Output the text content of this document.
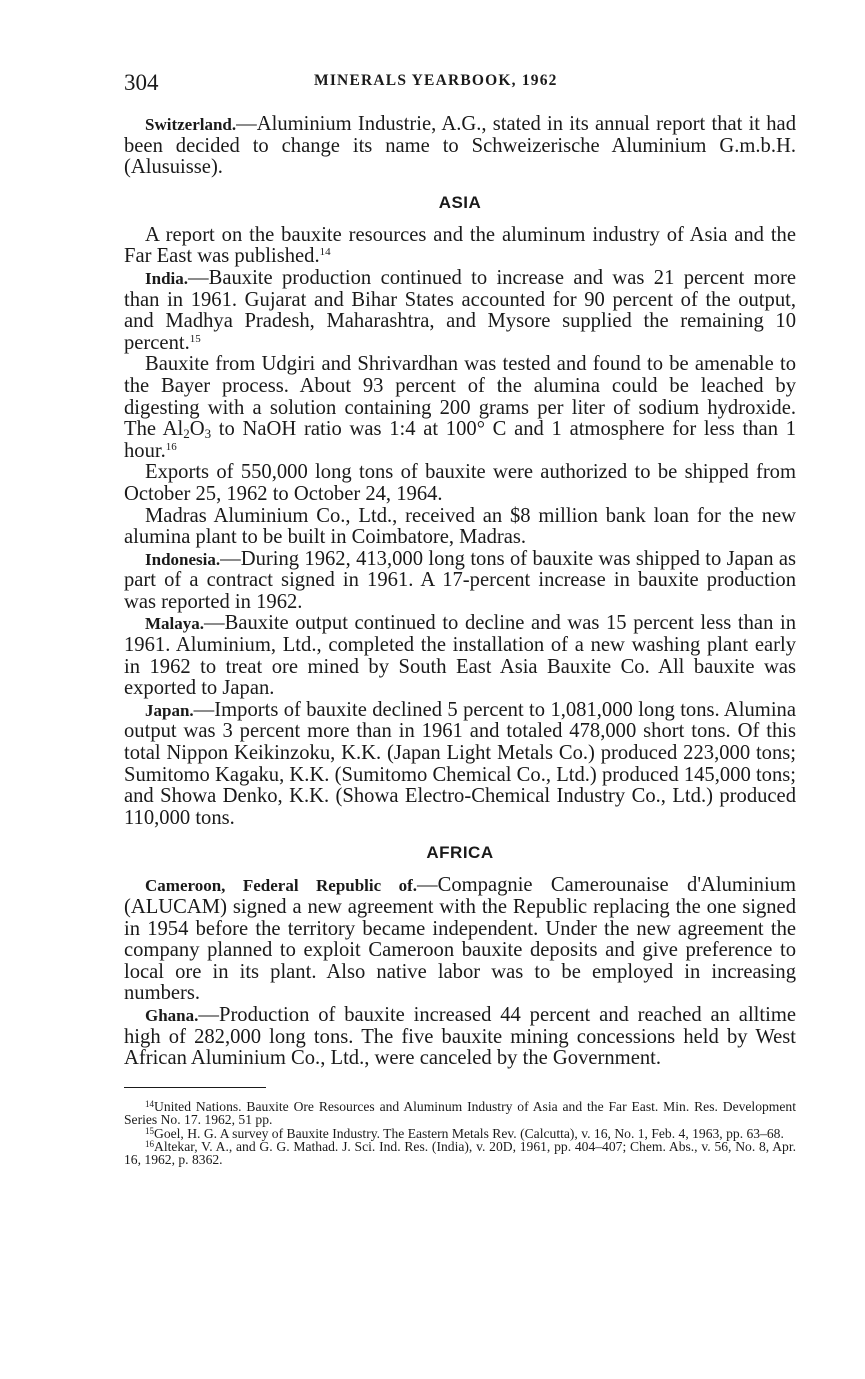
304	MINERALS YEARBOOK, 1962

Switzerland.—Aluminium Industrie, A.G., stated in its annual report that it had been decided to change its name to Schweizerische Aluminium G.m.b.H. (Alusuisse).

ASIA

A report on the bauxite resources and the aluminum industry of Asia and the Far East was published.$^{14}$

India.—Bauxite production continued to increase and was 21 percent more than in 1961. Gujarat and Bihar States accounted for 90 percent of the output, and Madhya Pradesh, Maharashtra, and Mysore supplied the remaining 10 percent.$^{15}$

Bauxite from Udgiri and Shrivardhan was tested and found to be amenable to the Bayer process. About 93 percent of the alumina could be leached by digesting with a solution containing 200 grams per liter of sodium hydroxide. The $Al_2O_3$ to NaOH ratio was 1:4 at 100° C and 1 atmosphere for less than 1 hour.$^{16}$

Exports of 550,000 long tons of bauxite were authorized to be shipped from October 25, 1962 to October 24, 1964.

Madras Aluminium Co., Ltd., received an $8 million bank loan for the new alumina plant to be built in Coimbatore, Madras.

Indonesia.—During 1962, 413,000 long tons of bauxite was shipped to Japan as part of a contract signed in 1961. A 17-percent increase in bauxite production was reported in 1962.

Malaya.—Bauxite output continued to decline and was 15 percent less than in 1961. Aluminium, Ltd., completed the installation of a new washing plant early in 1962 to treat ore mined by South East Asia Bauxite Co. All bauxite was exported to Japan.

Japan.—Imports of bauxite declined 5 percent to 1,081,000 long tons. Alumina output was 3 percent more than in 1961 and totaled 478,000 short tons. Of this total Nippon Keikinzoku, K.K. (Japan Light Metals Co.) produced 223,000 tons; Sumitomo Kagaku, K.K. (Sumitomo Chemical Co., Ltd.) produced 145,000 tons; and Showa Denko, K.K. (Showa Electro-Chemical Industry Co., Ltd.) produced 110,000 tons.

AFRICA

Cameroon, Federal Republic of.—Compagnie Camerounaise d'Aluminium (ALUCAM) signed a new agreement with the Republic replacing the one signed in 1954 before the territory became independent. Under the new agreement the company planned to exploit Cameroon bauxite deposits and give preference to local ore in its plant. Also native labor was to be employed in increasing numbers.

Ghana.—Production of bauxite increased 44 percent and reached an alltime high of 282,000 long tons. The five bauxite mining concessions held by West African Aluminium Co., Ltd., were canceled by the Government.

$^{14}$United Nations. Bauxite Ore Resources and Aluminum Industry of Asia and the Far East. Min. Res. Development Series No. 17. 1962, 51 pp.
$^{15}$Goel, H. G. A survey of Bauxite Industry. The Eastern Metals Rev. (Calcutta), v. 16, No. 1, Feb. 4, 1963, pp. 63–68.
$^{16}$Altekar, V. A., and G. G. Mathad. J. Sci. Ind. Res. (India), v. 20D, 1961, pp. 404–407; Chem. Abs., v. 56, No. 8, Apr. 16, 1962, p. 8362.
